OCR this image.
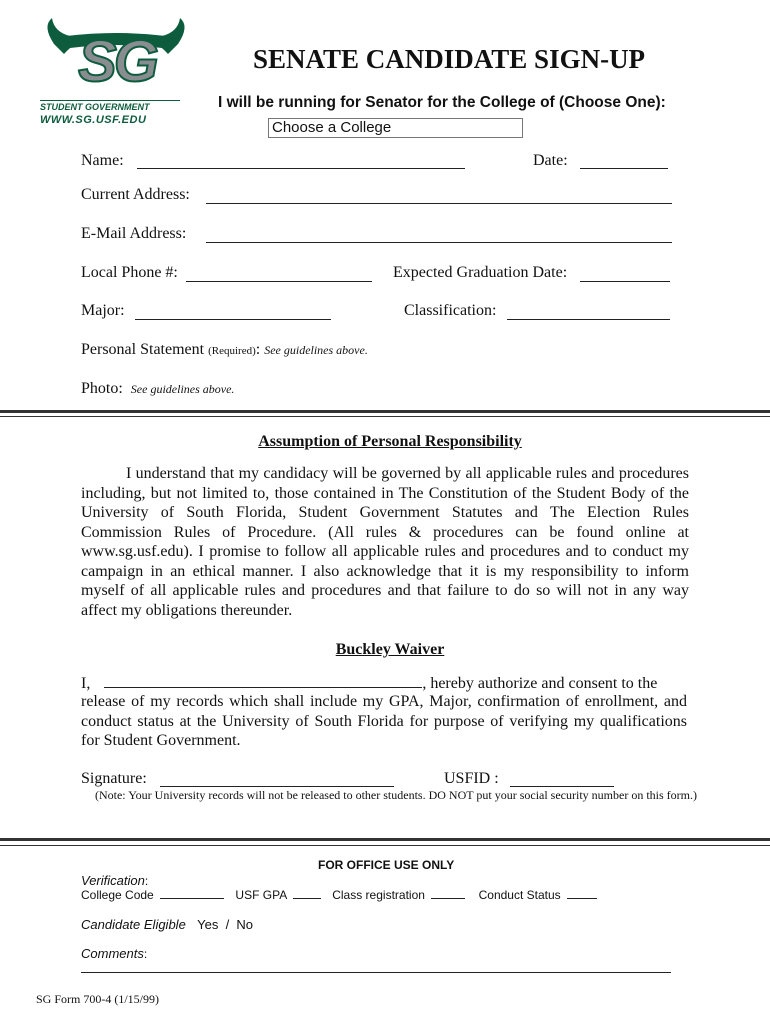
SG
STUDENT GOVERNMENT
WWW.SG.USF.EDU
SENATE CANDIDATE SIGN-UP
I will be running for Senator for the College of (Choose One):
Choose a College
Name:	Date:
Current Address:
E-Mail Address:
Local Phone #:	Expected Graduation Date:
Major:	Classification:
Personal Statement (Required): See guidelines above.
Photo: See guidelines above.
Assumption of Personal Responsibility
I understand that my candidacy will be governed by all applicable rules and procedures including, but not limited to, those contained in The Constitution of the Student Body of the University of South Florida, Student Government Statutes and The Election Rules Commission Rules of Procedure. (All rules & procedures can be found online at www.sg.usf.edu). I promise to follow all applicable rules and procedures and to conduct my campaign in an ethical manner. I also acknowledge that it is my responsibility to inform myself of all applicable rules and procedures and that failure to do so will not in any way affect my obligations thereunder.
Buckley Waiver
I,	, hereby authorize and consent to the
release of my records which shall include my GPA, Major, confirmation of enrollment, and conduct status at the University of South Florida for purpose of verifying my qualifications for Student Government.
Signature:	USFID :
(Note: Your University records will not be released to other students. DO NOT put your social security number on this form.)
FOR OFFICE USE ONLY
Verification:
College Code	USF GPA	Class registration	Conduct Status
Candidate Eligible Yes  /  No
Comments:
SG Form 700-4 (1/15/99)
